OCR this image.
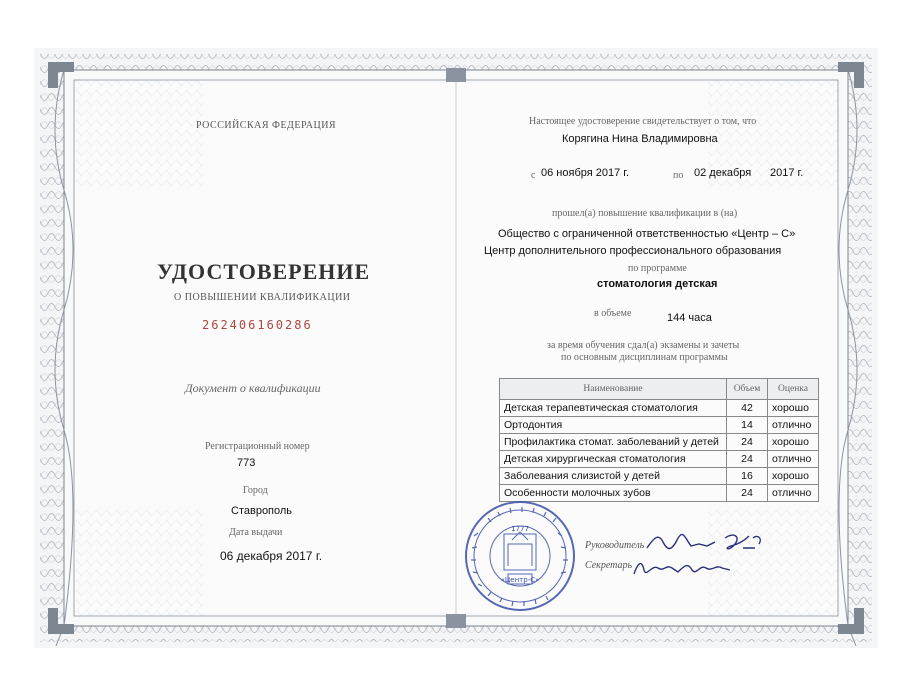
РОССИЙСКАЯ ФЕДЕРАЦИЯ
УДОСТОВЕРЕНИЕ
О ПОВЫШЕНИИ КВАЛИФИКАЦИИ
262406160286
Документ о квалификации
Регистрационный номер
773
Город
Ставрополь
Дата выдачи
06 декабря 2017 г.
Настоящее удостоверение свидетельствует о том, что
Корягина Нина Владимировна
с 06 ноября 2017 г.	по 02 декабря 2017 г.
прошел(а) повышение квалификации в (на)
Общество с ограниченной ответственностью «Центр – С»
Центр дополнительного профессионального образования
по программе
стоматология детская
в объеме	144 часа
за время обучения сдал(а) экзамены и зачеты
по основным дисциплинам программы
Наименование	Объем	Оценка
Детская терапевтическая стоматология	42	хорошо
Ортодонтия	14	отлично
Профилактика стомат. заболеваний у детей	24	хорошо
Детская хирургическая стоматология	24	отлично
Заболевания слизистой у детей	16	хорошо
Особенности молочных зубов	24	отлично
1777
«Центр-С»
Руководитель
Секретарь
